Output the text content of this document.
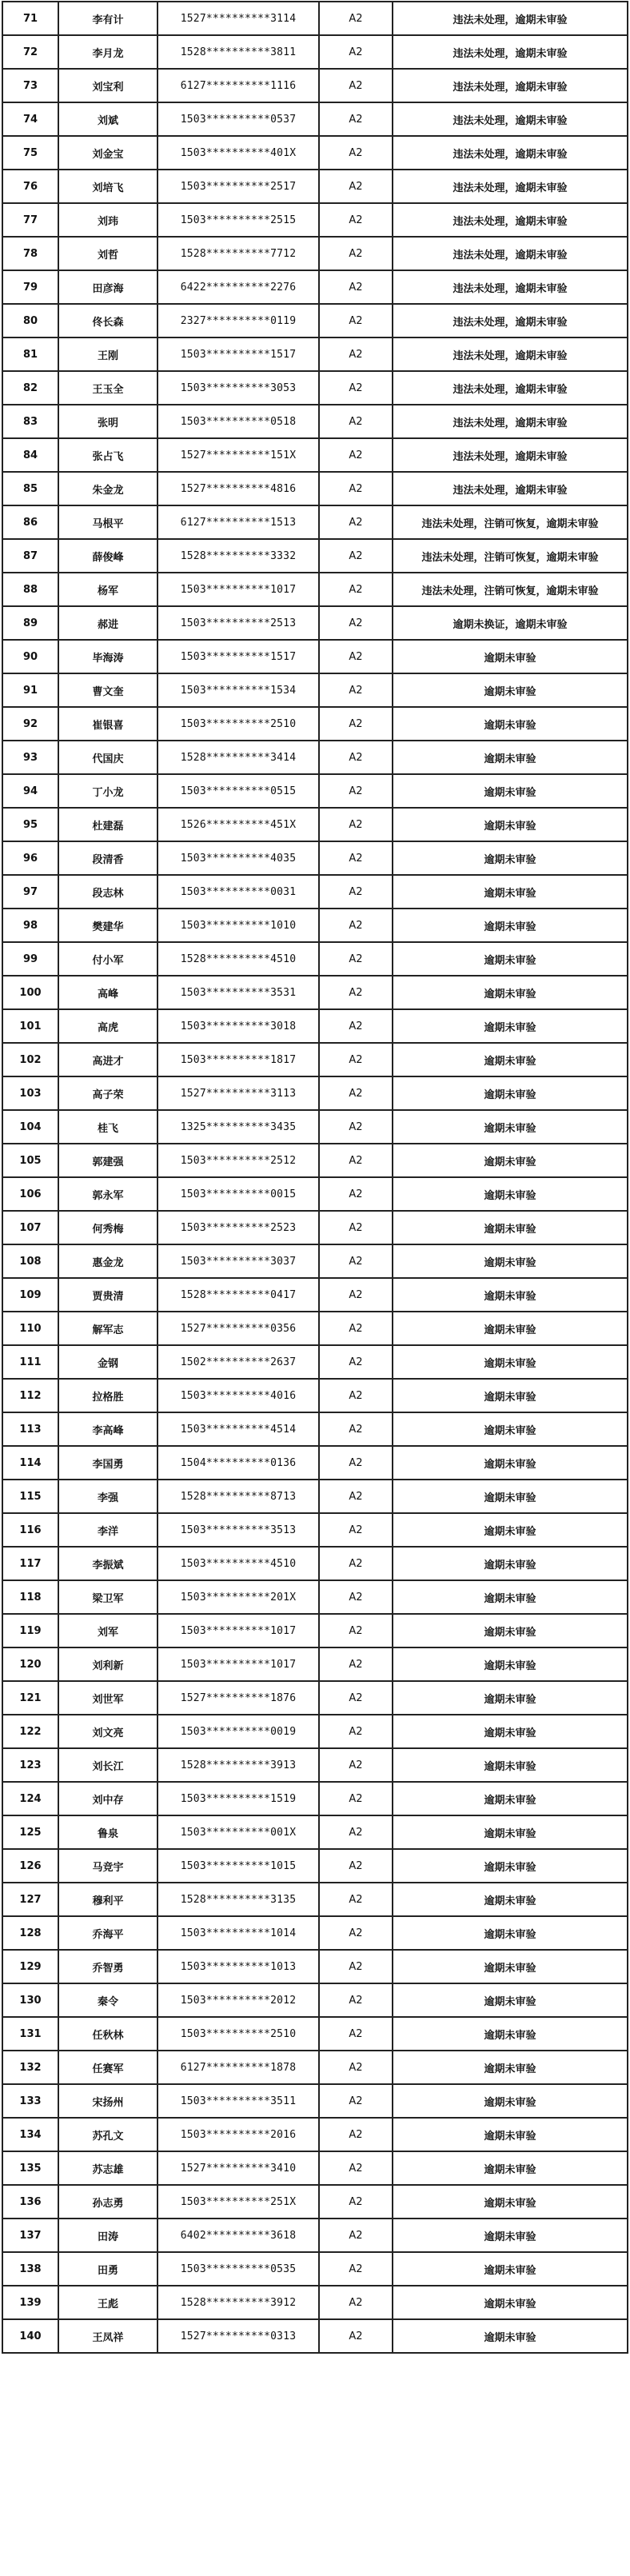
71	李有计	1527**********3114	A2	违法未处理，逾期未审验
72	李月龙	1528**********3811	A2	违法未处理，逾期未审验
73	刘宝利	6127**********1116	A2	违法未处理，逾期未审验
74	刘斌	1503**********0537	A2	违法未处理，逾期未审验
75	刘金宝	1503**********401X	A2	违法未处理，逾期未审验
76	刘培飞	1503**********2517	A2	违法未处理，逾期未审验
77	刘玮	1503**********2515	A2	违法未处理，逾期未审验
78	刘哲	1528**********7712	A2	违法未处理，逾期未审验
79	田彦海	6422**********2276	A2	违法未处理，逾期未审验
80	佟长森	2327**********0119	A2	违法未处理，逾期未审验
81	王刚	1503**********1517	A2	违法未处理，逾期未审验
82	王玉全	1503**********3053	A2	违法未处理，逾期未审验
83	张明	1503**********0518	A2	违法未处理，逾期未审验
84	张占飞	1527**********151X	A2	违法未处理，逾期未审验
85	朱金龙	1527**********4816	A2	违法未处理，逾期未审验
86	马根平	6127**********1513	A2	违法未处理，注销可恢复，逾期未审验
87	薛俊峰	1528**********3332	A2	违法未处理，注销可恢复，逾期未审验
88	杨军	1503**********1017	A2	违法未处理，注销可恢复，逾期未审验
89	郝进	1503**********2513	A2	逾期未换证，逾期未审验
90	毕海涛	1503**********1517	A2	逾期未审验
91	曹文奎	1503**********1534	A2	逾期未审验
92	崔银喜	1503**********2510	A2	逾期未审验
93	代国庆	1528**********3414	A2	逾期未审验
94	丁小龙	1503**********0515	A2	逾期未审验
95	杜建磊	1526**********451X	A2	逾期未审验
96	段清香	1503**********4035	A2	逾期未审验
97	段志林	1503**********0031	A2	逾期未审验
98	樊建华	1503**********1010	A2	逾期未审验
99	付小军	1528**********4510	A2	逾期未审验
100	高峰	1503**********3531	A2	逾期未审验
101	高虎	1503**********3018	A2	逾期未审验
102	高进才	1503**********1817	A2	逾期未审验
103	高子荣	1527**********3113	A2	逾期未审验
104	桂飞	1325**********3435	A2	逾期未审验
105	郭建强	1503**********2512	A2	逾期未审验
106	郭永军	1503**********0015	A2	逾期未审验
107	何秀梅	1503**********2523	A2	逾期未审验
108	惠金龙	1503**********3037	A2	逾期未审验
109	贾贵清	1528**********0417	A2	逾期未审验
110	解军志	1527**********0356	A2	逾期未审验
111	金钢	1502**********2637	A2	逾期未审验
112	拉格胜	1503**********4016	A2	逾期未审验
113	李高峰	1503**********4514	A2	逾期未审验
114	李国勇	1504**********0136	A2	逾期未审验
115	李强	1528**********8713	A2	逾期未审验
116	李洋	1503**********3513	A2	逾期未审验
117	李振斌	1503**********4510	A2	逾期未审验
118	梁卫军	1503**********201X	A2	逾期未审验
119	刘军	1503**********1017	A2	逾期未审验
120	刘利新	1503**********1017	A2	逾期未审验
121	刘世军	1527**********1876	A2	逾期未审验
122	刘文亮	1503**********0019	A2	逾期未审验
123	刘长江	1528**********3913	A2	逾期未审验
124	刘中存	1503**********1519	A2	逾期未审验
125	鲁泉	1503**********001X	A2	逾期未审验
126	马竞宇	1503**********1015	A2	逾期未审验
127	穆利平	1528**********3135	A2	逾期未审验
128	乔海平	1503**********1014	A2	逾期未审验
129	乔智勇	1503**********1013	A2	逾期未审验
130	秦令	1503**********2012	A2	逾期未审验
131	任秋林	1503**********2510	A2	逾期未审验
132	任赛军	6127**********1878	A2	逾期未审验
133	宋扬州	1503**********3511	A2	逾期未审验
134	苏孔文	1503**********2016	A2	逾期未审验
135	苏志雄	1527**********3410	A2	逾期未审验
136	孙志勇	1503**********251X	A2	逾期未审验
137	田涛	6402**********3618	A2	逾期未审验
138	田勇	1503**********0535	A2	逾期未审验
139	王彪	1528**********3912	A2	逾期未审验
140	王凤祥	1527**********0313	A2	逾期未审验
